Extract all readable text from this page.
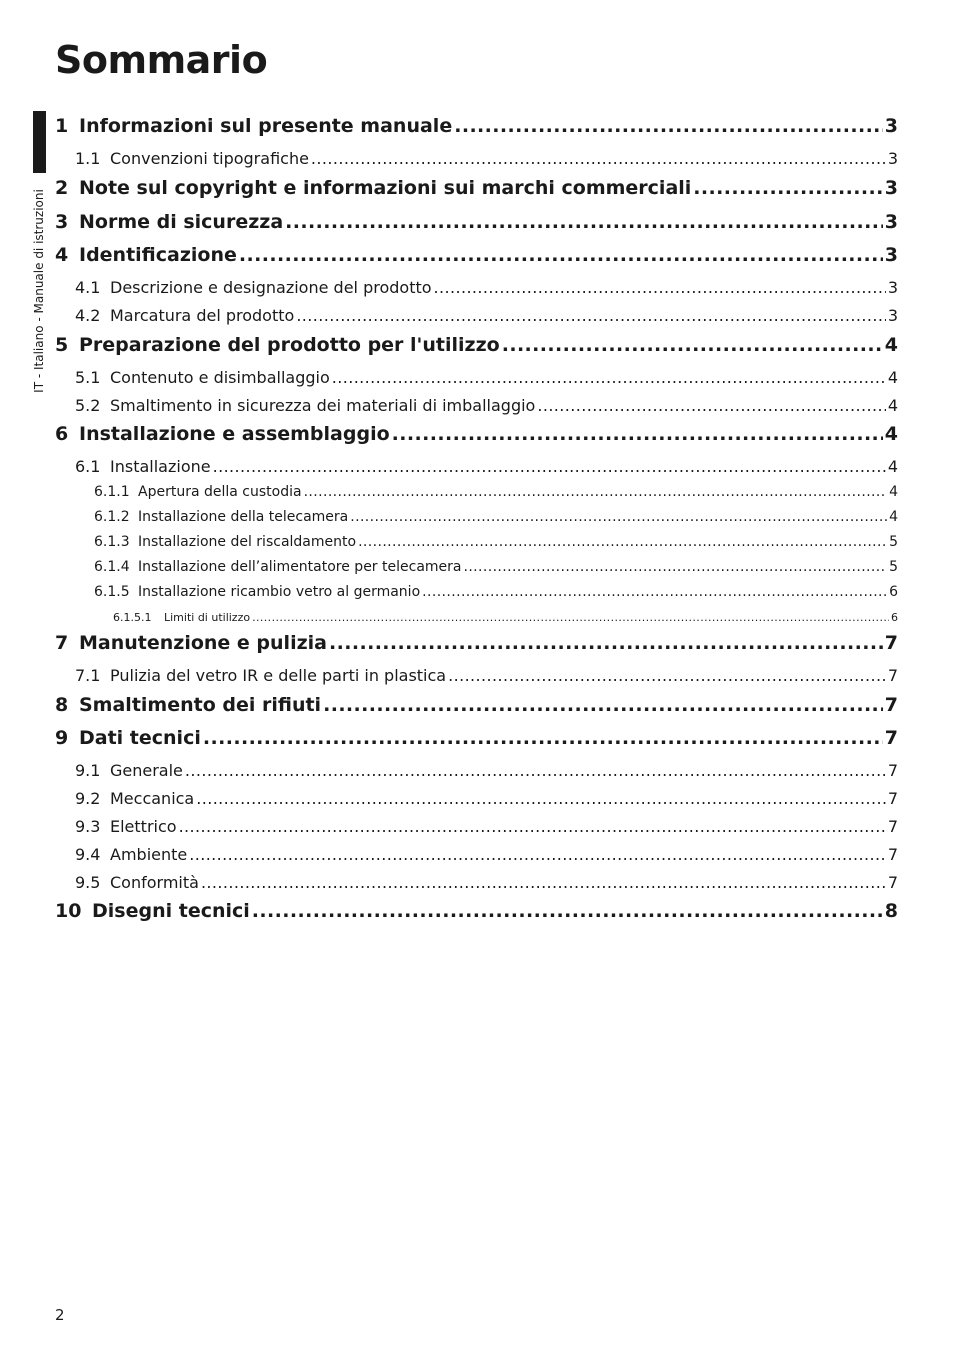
Sommario
IT - Italiano - Manuale di istruzioni
1 Informazioni sul presente manuale .....	3
1.1 Convenzioni tipografiche .....	3
2 Note sul copyright e informazioni sui marchi commerciali .....	3
3 Norme di sicurezza .....	3
4 Identificazione .....	3
4.1 Descrizione e designazione del prodotto .....	3
4.2 Marcatura del prodotto .....	3
5 Preparazione del prodotto per l'utilizzo .....	4
5.1 Contenuto e disimballaggio .....	4
5.2 Smaltimento in sicurezza dei materiali di imballaggio .....	4
6 Installazione e assemblaggio .....	4
6.1 Installazione .....	4
6.1.1 Apertura della custodia .....	4
6.1.2 Installazione della telecamera .....	4
6.1.3 Installazione del riscaldamento .....	5
6.1.4 Installazione dell’alimentatore per telecamera .....	5
6.1.5 Installazione ricambio vetro al germanio .....	6
6.1.5.1	Limiti di utilizzo .....	6
7 Manutenzione e pulizia .....	7
7.1 Pulizia del vetro IR e delle parti in plastica .....	7
8 Smaltimento dei rifiuti .....	7
9 Dati tecnici .....	7
9.1 Generale .....	7
9.2 Meccanica .....	7
9.3 Elettrico .....	7
9.4 Ambiente .....	7
9.5 Conformità .....	7
10 Disegni tecnici .....	8
2
